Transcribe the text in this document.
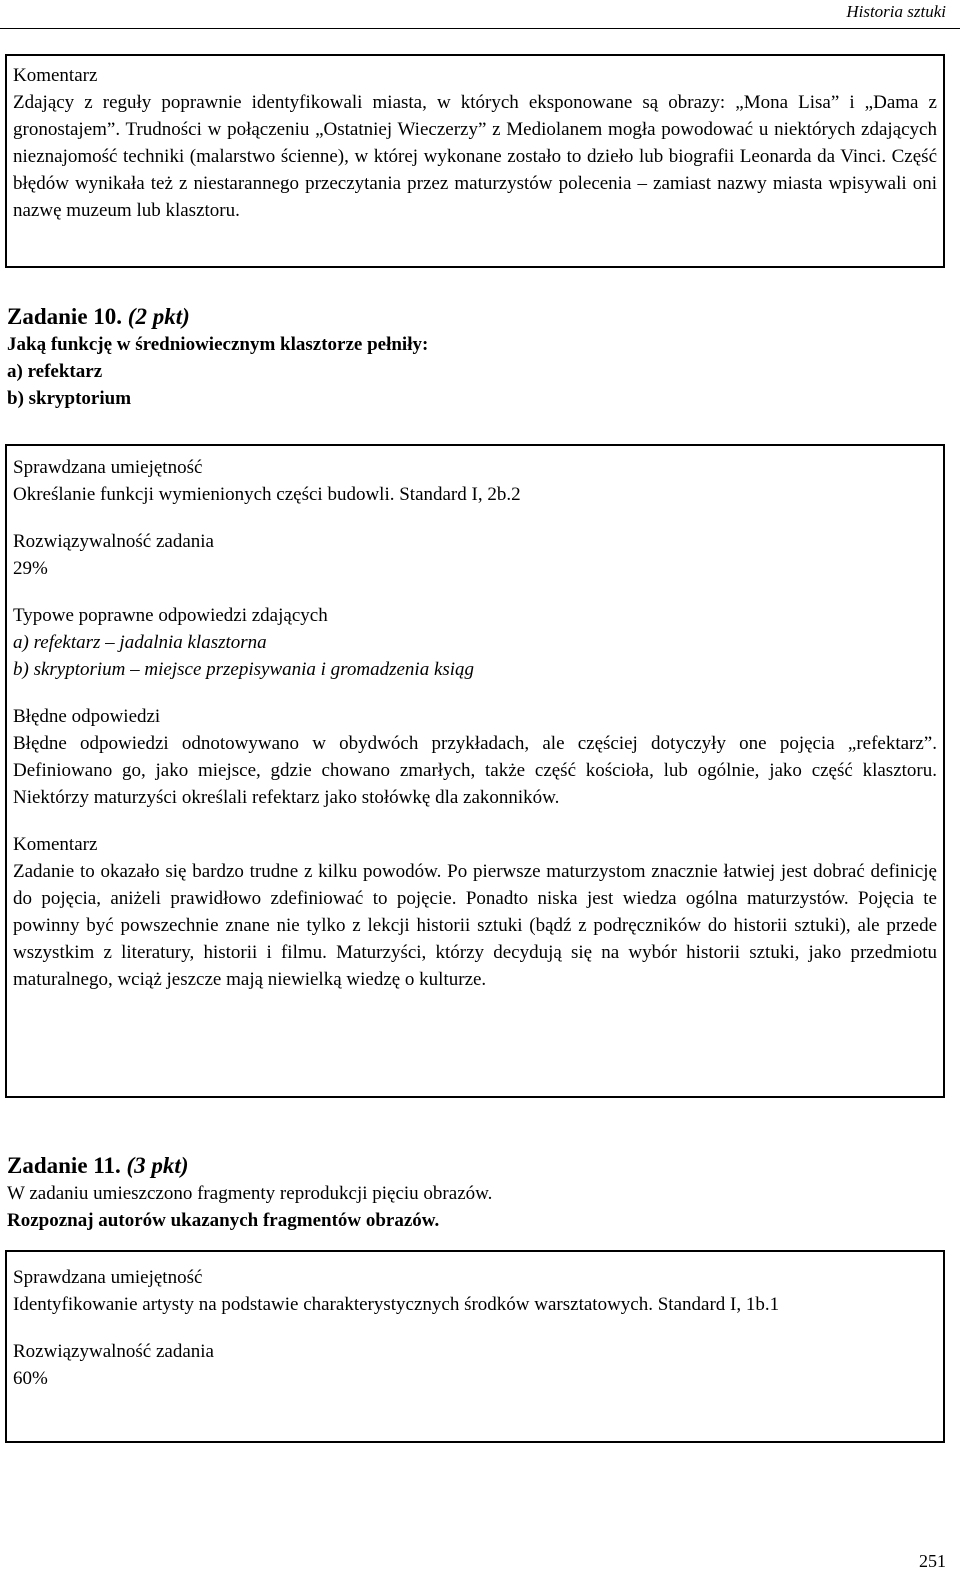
Historia sztuki

Komentarz

Zdający z reguły poprawnie identyfikowali miasta, w których eksponowane są obrazy: „Mona Lisa” i „Dama z gronostajem”. Trudności w połączeniu „Ostatniej Wieczerzy” z Mediolanem mogła powodować u niektórych zdających nieznajomość techniki (malarstwo ścienne), w której wykonane zostało to dzieło lub biografii Leonarda da Vinci. Część błędów wynikała też z niestarannego przeczytania przez maturzystów polecenia – zamiast nazwy miasta wpisywali oni nazwę muzeum lub klasztoru.

Zadanie 10. (2 pkt)

Jaką funkcję w średniowiecznym klasztorze pełniły:

a) refektarz

b) skryptorium

Sprawdzana umiejętność

Określanie funkcji wymienionych części budowli. Standard I, 2b.2

Rozwiązywalność zadania

29%

Typowe poprawne odpowiedzi zdających

a) refektarz – jadalnia klasztorna

b) skryptorium – miejsce przepisywania i gromadzenia ksiąg

Błędne odpowiedzi

Błędne odpowiedzi odnotowywano w obydwóch przykładach, ale częściej dotyczyły one pojęcia „refektarz”. Definiowano go, jako miejsce, gdzie chowano zmarłych, także część kościoła, lub ogólnie, jako część klasztoru. Niektórzy maturzyści określali refektarz jako stołówkę dla zakonników.

Komentarz

Zadanie to okazało się bardzo trudne z kilku powodów. Po pierwsze maturzystom znacznie łatwiej jest dobrać definicję do pojęcia, aniżeli prawidłowo zdefiniować to pojęcie. Ponadto niska jest wiedza ogólna maturzystów. Pojęcia te powinny być powszechnie znane nie tylko z lekcji historii sztuki (bądź z podręczników do historii sztuki), ale przede wszystkim z literatury, historii i filmu. Maturzyści, którzy decydują się na wybór historii sztuki, jako przedmiotu maturalnego, wciąż jeszcze mają niewielką wiedzę o kulturze.

Zadanie 11. (3 pkt)

W zadaniu umieszczono fragmenty reprodukcji pięciu obrazów.

Rozpoznaj autorów ukazanych fragmentów obrazów.

Sprawdzana umiejętność

Identyfikowanie artysty na podstawie charakterystycznych środków warsztatowych. Standard I, 1b.1

Rozwiązywalność zadania

60%

251
